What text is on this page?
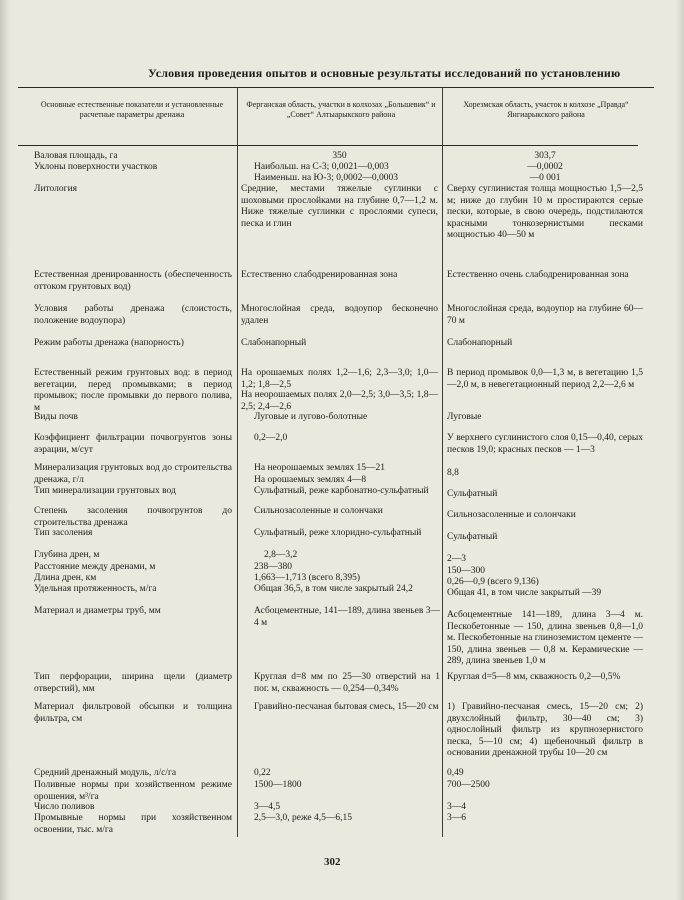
Условия проведения опытов и основные результаты исследований по установлению
Основные естественные показатели и установленные расчетные параметры дренажа
Ферганская область, участки в колхозах „Большевик“ и „Совет“ Алтыарыкского района
Хорезмская область, участок в колхозе „Правда“ Янгиарыкского района
Валовая площадь, га
Уклоны поверхности участков
Литология
Естественная дренированность (обеспеченность оттоком грунтовых вод)
Условия работы дренажа (слоистость, положение водоупора)
Режим работы дренажа (напорность)
Естественный режим грунтовых вод: в период вегетации, перед промывками; в период промывок; после промывки до первого полива, м
Виды почв
Коэффициент фильтрации почвогрунтов зоны аэрации, м/сут
Минерализация грунтовых вод до строительства дренажа, г/л
Тип минерализации грунтовых вод
Степень засоления почвогрунтов до строительства дренажа
Тип засоления
Глубина дрен, м
Расстояние между дренами, м
Длина дрен, км
Удельная протяженность, м/га
Материал и диаметры труб, мм
Тип перфорации, ширина щели (диаметр отверстий), мм
Материал фильтровой обсыпки и толщина фильтра, см
Средний дренажный модуль, л/с/га
Поливные нормы при хозяйственном режиме орошения, м³/га
Число поливов
Промывные нормы при хозяйственном освоении, тыс. м/га
350
Наибольш. на С-3; 0,0021—0,003
Наименьш. на Ю-3; 0,0002—0,0003
Средние, местами тяжелые суглинки с шоховыми прослойками на глубине 0,7—1,2 м. Ниже тяжелые суглинки с прослоями супеси, песка и глин
Естественно слабодренированная зона
Многослойная среда, водоупор бесконечно удален
Слабонапорный
На орошаемых полях 1,2—1,6; 2,3—3,0; 1,0—1,2; 1,8—2,5
На неорошаемых полях 2,0—2,5; 3,0—3,5; 1,8—2,5; 2,4—2,6
Луговые и лугово-болотные
0,2—2,0
На неорошаемых землях 15—21
На орошаемых землях 4—8
Сульфатный, реже карбонатно-сульфатный
Сильнозасоленные и солончаки
Сульфатный, реже хлоридно-сульфатный
2,8—3,2
238—380
1,663—1,713 (всего 8,395)
Общая 36,5, в том числе закрытый 24,2
Асбоцементные, 141—189, длина звеньев 3—4 м
Круглая d=8 мм по 25—30 отверстий на 1 пог. м, скважность — 0,254—0,34%
Гравийно-песчаная бытовая смесь, 15—20 см
0,22
1500—1800
3—4,5
2,5—3,0, реже 4,5—6,15
303,7
—0,0002
—0 001
Сверху суглинистая толща мощностью 1,5—2,5 м; ниже до глубин 10 м простираются серые пески, которые, в свою очередь, подстилаются красными тонкозернистыми песками мощностью 40—50 м
Естественно очень слабодренированная зона
Многослойная среда, водоупор на глубине 60—70 м
Слабонапорный
В период промывок 0,0—1,3 м, в вегетацию 1,5—2,0 м, в невегетационный период 2,2—2,6 м
Луговые
У верхнего суглинистого слоя 0,15—0,40, серых песков 19,0; красных песков — 1—3
8,8
Сульфатный
Сильнозасоленные и солончаки
Сульфатный
2—3
150—300
0,26—0,9 (всего 9,136)
Общая 41, в том числе закрытый —39
Асбоцементные 141—189, длина 3—4 м. Пескобетонные — 150, длина звеньев 0,8—1,0 м. Пескобетонные на глиноземистом цементе — 150, длина звеньев — 0,8 м. Керамические — 289, длина звеньев 1,0 м
Круглая d=5—8 мм, скважность 0,2—0,5%
1) Гравийно-песчаная смесь, 15—20 см; 2) двухслойный фильтр, 30—40 см; 3) однослойный фильтр из крупнозернистого песка, 5—10 см; 4) щебеночный фильтр в основании дренажной трубы 10—20 см
0,49
700—2500
3—4
3—6
302
